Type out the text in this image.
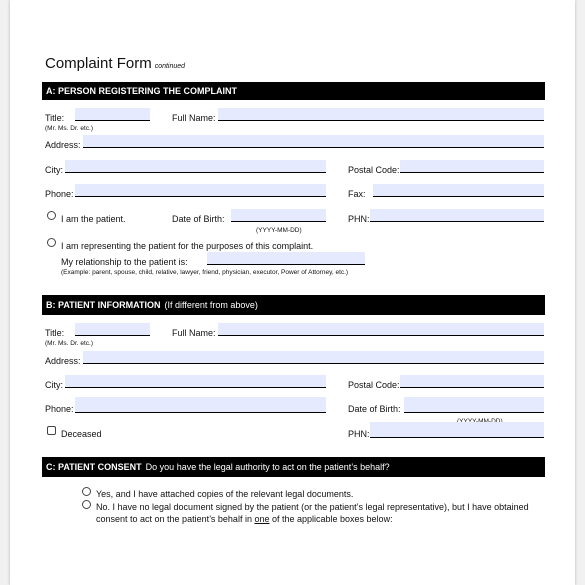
Complaint Form continued
A: PERSON REGISTERING THE COMPLAINT
Title:
(Mr. Ms. Dr. etc.)
Full Name:
Address:
City:	Postal Code:
Phone:	Fax:
I am the patient.	Date of Birth:
(YYYY-MM-DD)
PHN:
I am representing the patient for the purposes of this complaint.
My relationship to the patient is:
(Example: parent, spouse, child, relative, lawyer, friend, physician, executor, Power of Attorney, etc.)
B: PATIENT INFORMATION (If different from above)
Title:
(Mr. Ms. Dr. etc.)
Full Name:
Address:
City:	Postal Code:
Phone:	Date of Birth:
Deceased	PHN:
C: PATIENT CONSENT Do you have the legal authority to act on the patient’s behalf?
Yes, and I have attached copies of the relevant legal documents.
No. I have no legal document signed by the patient (or the patient’s legal representative), but I have obtained
consent to act on the patient’s behalf in one of the applicable boxes below:
